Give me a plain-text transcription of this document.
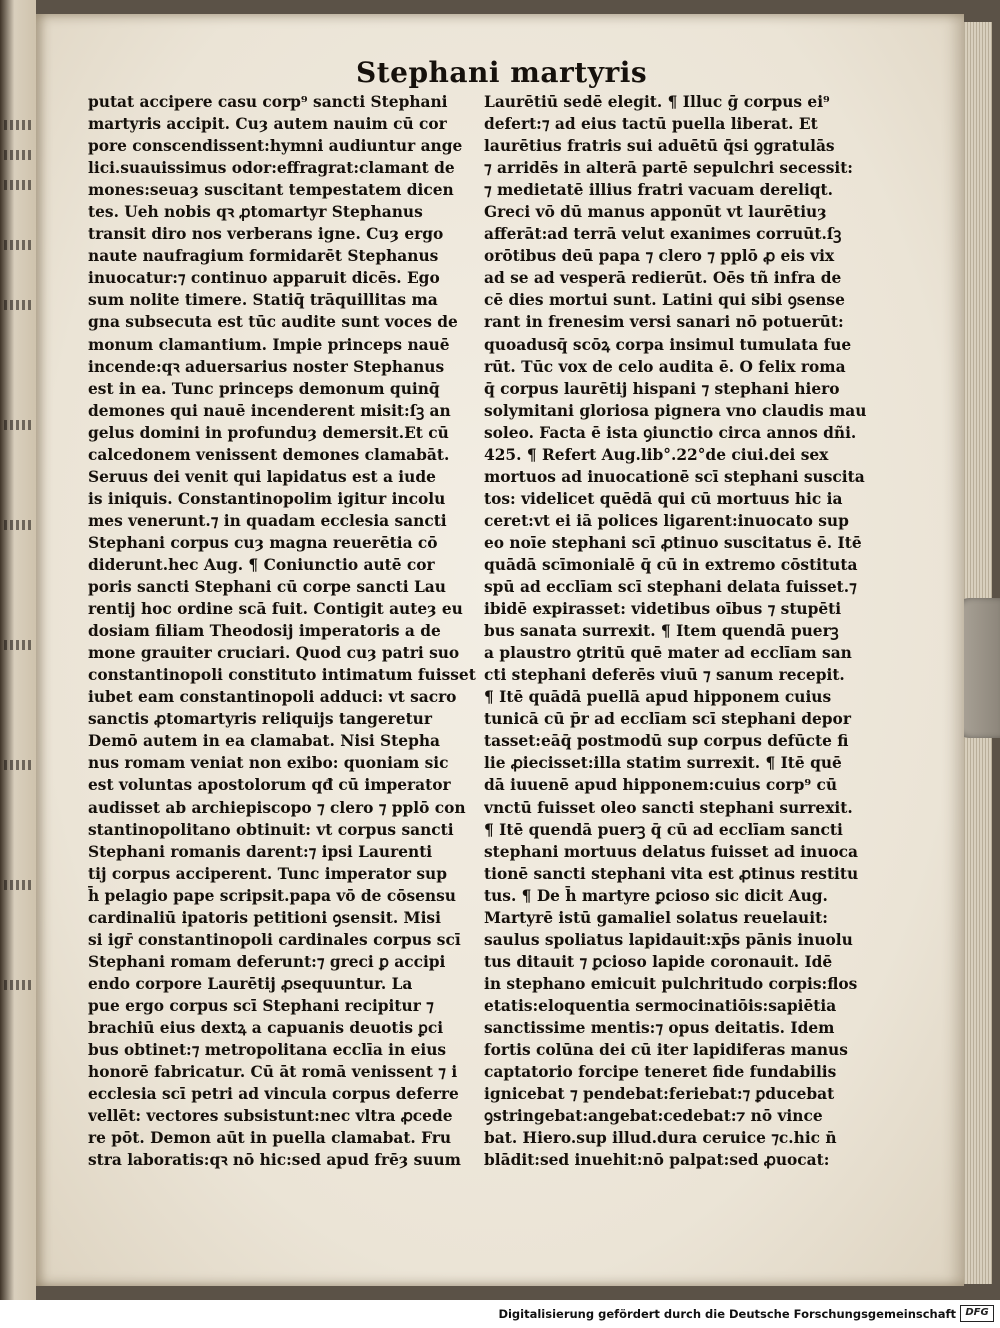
Stephani martyris
putat accipere casu corp⁹ sancti Stephani
martyris accipit. Cuȝ autem nauim cū cor
pore conscendissent:hymni audiuntur ange
lici.suauissimus odor:effragrat:clamant de
mones:seuaȝ suscitant tempestatem dicen
tes. Ueh nobis qꝛ ꝓtomartyr Stephanus
transit diro nos verberans igne. Cuȝ ergo
naute naufragium formidarēt Stephanus
inuocatur:⁊ continuo apparuit dicēs. Ego
sum nolite timere. Statiq̄ trāquillitas ma
gna subsecuta est tūc audite sunt voces de
monum clamantium. Impie princeps nauē
incende:qꝛ aduersarius noster Stephanus
est in ea. Tunc princeps demonum quinq̄
demones qui nauē incenderent misit:ſꝫ an
gelus domini in profunduȝ demersit.Et cū
calcedonem venissent demones clamabāt.
Seruus dei venit qui lapidatus est a iude
is iniquis. Constantinopolim igitur incolu
mes venerunt.⁊ in quadam ecclesia sancti
Stephani corpus cuȝ magna reuerētia cō
diderunt.hec Aug. ¶ Coniunctio autē cor
poris sancti Stephani cū corpe sancti Lau
rentij hoc ordine scā fuit. Contigit auteȝ eu
dosiam filiam Theodosij imperatoris a de
mone grauiter cruciari. Quod cuȝ patri suo
constantinopoli constituto intimatum fuisset
iubet eam constantinopoli adduci: vt sacro
sanctis ꝓtomartyris reliquijs tangeretur
Demō autem in ea clamabat. Nisi Stepha
nus romam veniat non exibo: quoniam sic
est voluntas apostolorum qđ cū imperator
audisset ab archiepiscopo ⁊ clero ⁊ pplō con
stantinopolitano obtinuit: vt corpus sancti
Stephani romanis darent:⁊ ipsi Laurenti
tij corpus acciperent. Tunc imperator sup
h̄ pelagio pape scripsit.papa vō de cōsensu
cardinaliū ipatoris petitioni ꝯsensit. Misi
si igr̄ constantinopoli cardinales corpus scī
Stephani romam deferunt:⁊ greci ꝑ accipi
endo corpore Laurētij ꝓsequuntur. La
pue ergo corpus scī Stephani recipitur ⁊
brachiū eius dextꝝ a capuanis deuotis ꝑci
bus obtinet:⁊ metropolitana ecclīa in eius
honorē fabricatur. Cū āt romā venissent ⁊ i
ecclesia scī petri ad vincula corpus deferre
vellēt: vectores subsistunt:nec vltra ꝓcede
re pōt. Demon aūt in puella clamabat. Fru
stra laboratis:qꝛ nō hic:sed apud frēȝ suum
Laurētiū sedē elegit. ¶ Illuc ḡ corpus ei⁹
defert:⁊ ad eius tactū puella liberat. Et
laurētius fratris sui aduētū q̄si ꝯgratulās
⁊ arridēs in alterā partē sepulchri secessit:
⁊ medietatē illius fratri vacuam dereliqt.
Greci vō dū manus apponūt vt laurētiuȝ
afferāt:ad terrā velut exanimes corruūt.ſꝫ
orōtibus deū papa ⁊ clero ⁊ pplō ꝓ eis vix
ad se ad vesperā redierūt. Oēs tñ infra de
cē dies mortui sunt. Latini qui sibi ꝯsense
rant in frenesim versi sanari nō potuerūt:
quoadusq̄ scōꝝ corpa insimul tumulata fue
rūt. Tūc vox de celo audita ē. O felix roma
q̄ corpus laurētij hispani ⁊ stephani hiero
solymitani gloriosa pignera vno claudis mau
soleo. Facta ē ista ꝯiunctio circa annos dñi.
425. ¶ Refert Aug.lib°.22°de ciui.dei sex
mortuos ad inuocationē scī stephani suscita
tos: videlicet quēdā qui cū mortuus hic ia
ceret:vt ei iā polices ligarent:inuocato sup
eo noīe stephani scī ꝓtinuo suscitatus ē. Itē
quādā scīmonialē q̄ cū in extremo cōstituta
spū ad ecclīam scī stephani delata fuisset.⁊
ibidē expirasset: videtibus oībus ⁊ stupēti
bus sanata surrexit. ¶ Item quendā puerꝫ
a plaustro ꝯtritū quē mater ad ecclīam san
cti stephani deferēs viuū ⁊ sanum recepit.
¶ Itē quādā puellā apud hipponem cuius
tunicā cū p̄r ad ecclīam scī stephani depor
tasset:eāq̄ postmodū sup corpus defūcte fi
lie ꝓiecisset:illa statim surrexit. ¶ Itē quē
dā iuuenē apud hipponem:cuius corp⁹ cū
vnctū fuisset oleo sancti stephani surrexit.
¶ Itē quendā puerꝫ q̄ cū ad ecclīam sancti
stephani mortuus delatus fuisset ad inuoca
tionē sancti stephani vita est ꝓtinus restitu
tus. ¶ De h̄ martyre ꝑcioso sic dicit Aug.
Martyrē istū gamaliel solatus reuelauit:
saulus spoliatus lapidauit:xp̄s pānis inuolu
tus ditauit ⁊ ꝑcioso lapide coronauit. Idē
in stephano emicuit pulchritudo corpis:flos
etatis:eloquentia sermocinatiōis:sapiētia
sanctissime mentis:⁊ opus deitatis. Idem
fortis colūna dei cū iter lapidiferas manus
captatorio forcipe teneret fide fundabilis
ignicebat ⁊ pendebat:feriebat:⁊ ꝑducebat
ꝯstringebat:angebat:cedebat:⁊ nō vince
bat. Hiero.sup illud.dura ceruice ⁊c.hic n̄
blādit:sed inuehit:nō palpat:sed ꝓuocat:
Digitalisierung gefördert durch die Deutsche Forschungsgemeinschaft DFG
